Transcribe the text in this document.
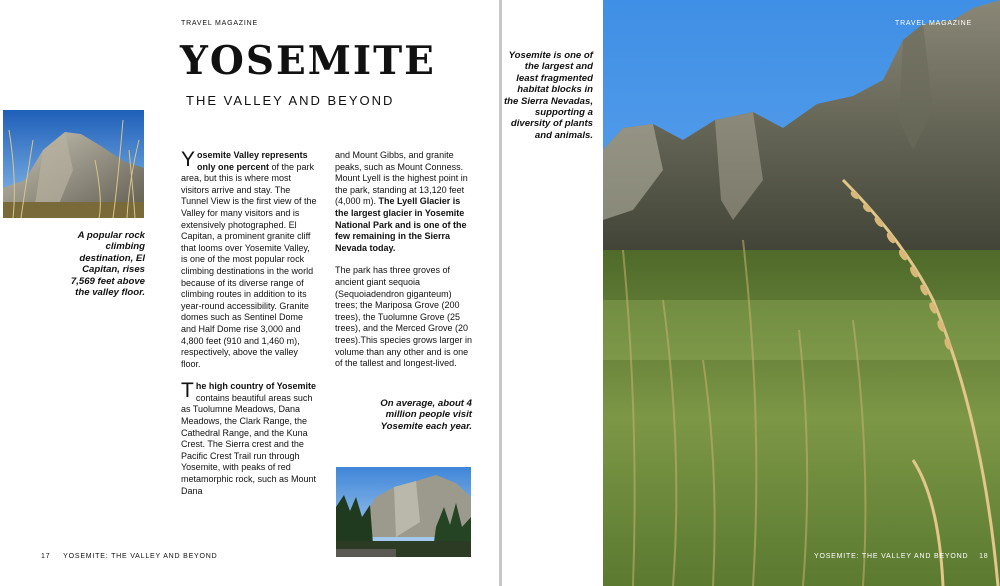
TRAVEL MAGAZINE
YOSEMITE
THE VALLEY AND BEYOND

A popular rock climbing destination, El Capitan, rises 7,569 feet above the valley floor.

Yosemite Valley represents only one percent of the park area, but this is where most visitors arrive and stay. The Tunnel View is the first view of the Valley for many visitors and is extensively photographed. El Capitan, a prominent granite cliff that looms over Yosemite Valley, is one of the most popular rock climbing destinations in the world because of its diverse range of climbing routes in addition to its year-round accessibility. Granite domes such as Sentinel Dome and Half Dome rise 3,000 and 4,800 feet (910 and 1,460 m), respectively, above the valley floor.

The high country of Yosemite contains beautiful areas such as Tuolumne Meadows, Dana Meadows, the Clark Range, the Cathedral Range, and the Kuna Crest. The Sierra crest and the Pacific Crest Trail run through Yosemite, with peaks of red metamorphic rock, such as Mount Dana

and Mount Gibbs, and granite peaks, such as Mount Conness. Mount Lyell is the highest point in the park, standing at 13,120 feet (4,000 m). The Lyell Glacier is the largest glacier in Yosemite National Park and is one of the few remaining in the Sierra Nevada today.

The park has three groves of ancient giant sequoia (Sequoiadendron giganteum) trees; the Mariposa Grove (200 trees), the Tuolumne Grove (25 trees), and the Merced Grove (20 trees).This species grows larger in volume than any other and is one of the tallest and longest-lived.

On average, about 4 million people visit Yosemite each year.

17 YOSEMITE: THE VALLEY AND BEYOND

Yosemite is one of the largest and least fragmented habitat blocks in the Sierra Nevadas, supporting a diversity of plants and animals.

TRAVEL MAGAZINE
YOSEMITE: THE VALLEY AND BEYOND 18
